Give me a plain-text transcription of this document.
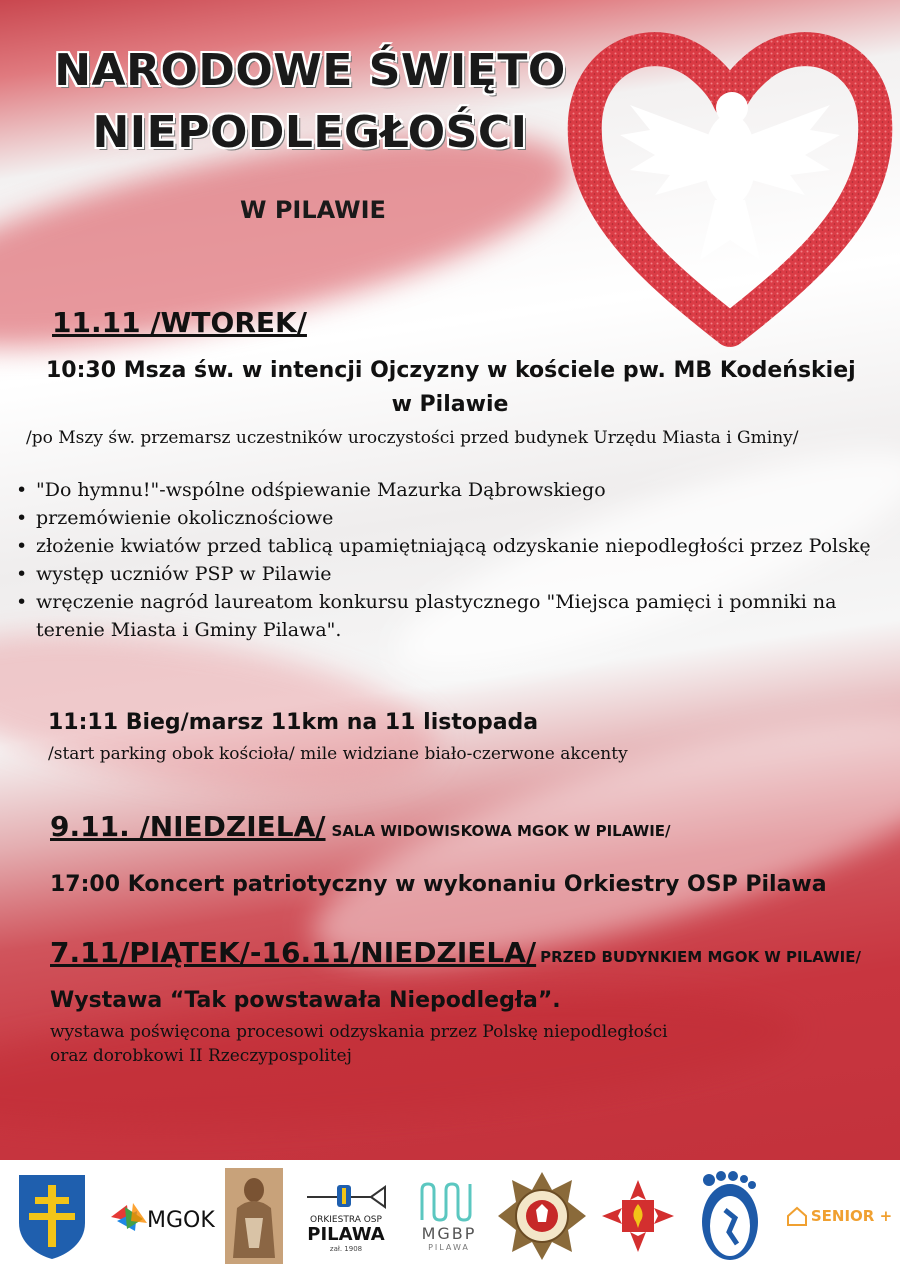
NARODOWE ŚWIĘTO
NIEPODLEGŁOŚCI
W PILAWIE
11.11 /WTOREK/
10:30 Msza św. w intencji Ojczyzny w kościele pw. MB Kodeńskiej
w Pilawie
/po Mszy św. przemarsz uczestników uroczystości przed budynek Urzędu Miasta i Gminy/
• "Do hymnu!"-wspólne odśpiewanie Mazurka Dąbrowskiego
• przemówienie okolicznościowe
• złożenie kwiatów przed tablicą upamiętniającą odzyskanie niepodległości przez Polskę
• występ uczniów PSP w Pilawie
• wręczenie nagród laureatom konkursu plastycznego "Miejsca pamięci i pomniki na terenie Miasta i Gminy Pilawa".
11:11 Bieg/marsz 11km na 11 listopada
/start parking obok kościoła/ mile widziane biało-czerwone akcenty
9.11. /NIEDZIELA/ SALA WIDOWISKOWA MGOK W PILAWIE/
17:00 Koncert patriotyczny w wykonaniu Orkiestry OSP Pilawa
7.11/PIĄTEK/-16.11/NIEDZIELA/ PRZED BUDYNKIEM MGOK W PILAWIE/
Wystawa “Tak powstawała Niepodległa”.
wystawa poświęcona procesowi odzyskania przez Polskę niepodległości
oraz dorobkowi II Rzeczypospolitej
MGOK	ORKIESTRA OSP
PILAWA
zał. 1908
MGBP
PILAWA
SENIOR +
